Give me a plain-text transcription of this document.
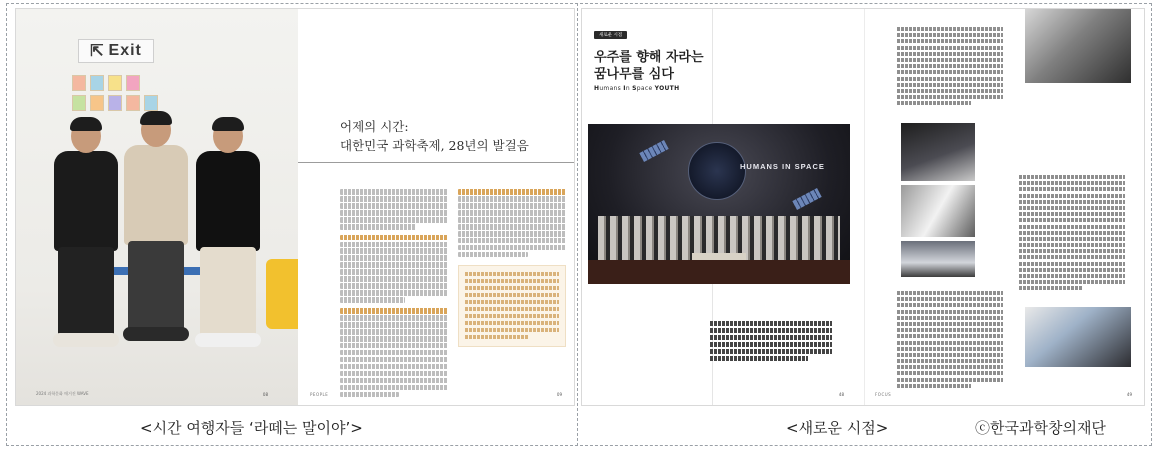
⇱ Exit
2024 과학문화 매거진 WAVE	08
어제의 시간:
대한민국 과학축제, 28년의 발걸음
PEOPLE	09
새로운 시점
우주를 향해 자라는
꿈나무를 심다
Humans In Space YOUTH
HUMANS IN SPACE
48	FOCUS	49
<시간 여행자들 ‘라떼는 말이야’>	<새로운 시점>	ⓒ한국과학창의재단
